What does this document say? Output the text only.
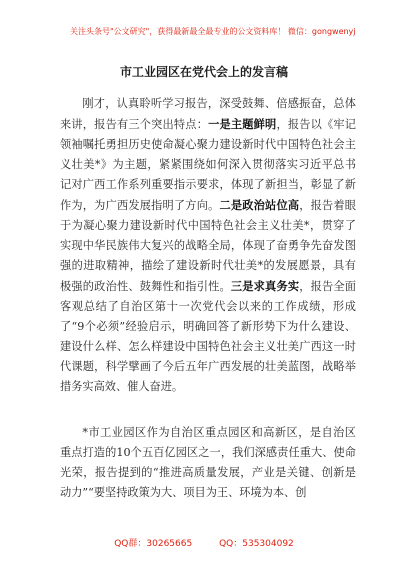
关注头条号"公文研究"，获得最新最全最专业的公文资料库！ 微信：gongwenyj
市工业园区在党代会上的发言稿

刚才，认真聆听学习报告，深受鼓舞、倍感振奋，总体来讲，报告有三个突出特点：一是主题鲜明，报告以《牢记领袖嘱托勇担历史使命凝心聚力建设新时代中国特色社会主义壮美*》为主题，紧紧围绕如何深入贯彻落实习近平总书记对广西工作系列重要指示要求，体现了新担当，彰显了新作为，为广西发展指明了方向。二是政治站位高，报告着眼于为凝心聚力建设新时代中国特色社会主义壮美*，贯穿了实现中华民族伟大复兴的战略全局，体现了奋勇争先奋发图强的进取精神，描绘了建设新时代壮美*的发展愿景，具有极强的政治性、鼓舞性和指引性。三是求真务实，报告全面客观总结了自治区第十一次党代会以来的工作成绩，形成了“9个必须”经验启示，明确回答了新形势下为什么建设、建设什么样、怎么样建设中国特色社会主义壮美广西这一时代课题，科学擘画了今后五年广西发展的壮美蓝图，战略举措务实高效、催人奋进。

*市工业园区作为自治区重点园区和高新区，是自治区重点打造的10个五百亿园区之一，我们深感责任重大、使命光荣，报告提到的“推进高质量发展，产业是关键、创新是动力”“要坚持政策为大、项目为王、环境为本、创

QQ群：30265665	QQ：535304092
